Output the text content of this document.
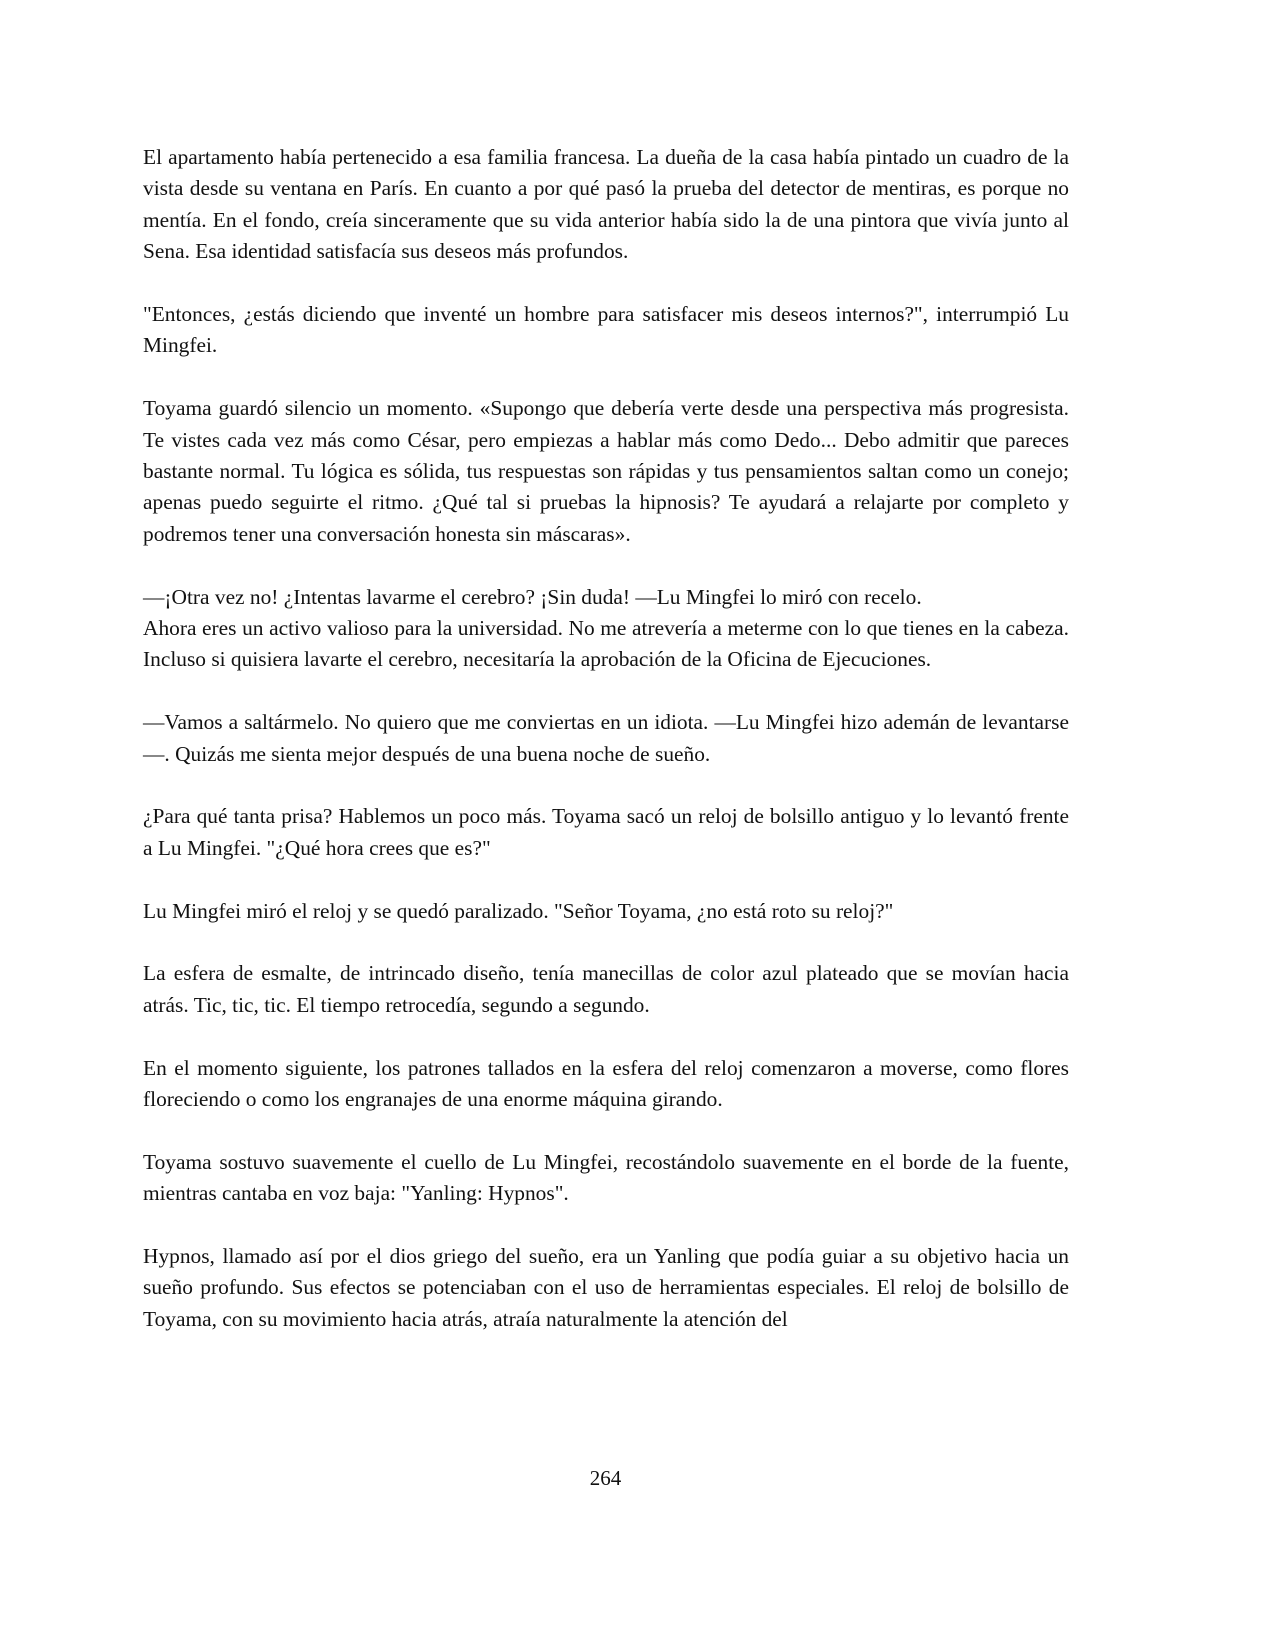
El apartamento había pertenecido a esa familia francesa. La dueña de la casa había pintado un cuadro de la vista desde su ventana en París. En cuanto a por qué pasó la prueba del detector de mentiras, es porque no mentía. En el fondo, creía sinceramente que su vida anterior había sido la de una pintora que vivía junto al Sena. Esa identidad satisfacía sus deseos más profundos.

"Entonces, ¿estás diciendo que inventé un hombre para satisfacer mis deseos internos?", interrumpió Lu Mingfei.

Toyama guardó silencio un momento. «Supongo que debería verte desde una perspectiva más progresista. Te vistes cada vez más como César, pero empiezas a hablar más como Dedo... Debo admitir que pareces bastante normal. Tu lógica es sólida, tus respuestas son rápidas y tus pensamientos saltan como un conejo; apenas puedo seguirte el ritmo. ¿Qué tal si pruebas la hipnosis? Te ayudará a relajarte por completo y podremos tener una conversación honesta sin máscaras».

—¡Otra vez no! ¿Intentas lavarme el cerebro? ¡Sin duda! —Lu Mingfei lo miró con recelo.
Ahora eres un activo valioso para la universidad. No me atrevería a meterme con lo que tienes en la cabeza. Incluso si quisiera lavarte el cerebro, necesitaría la aprobación de la Oficina de Ejecuciones.

—Vamos a saltármelo. No quiero que me conviertas en un idiota. —Lu Mingfei hizo ademán de levantarse—. Quizás me sienta mejor después de una buena noche de sueño.

¿Para qué tanta prisa? Hablemos un poco más. Toyama sacó un reloj de bolsillo antiguo y lo levantó frente a Lu Mingfei. "¿Qué hora crees que es?"

Lu Mingfei miró el reloj y se quedó paralizado. "Señor Toyama, ¿no está roto su reloj?"

La esfera de esmalte, de intrincado diseño, tenía manecillas de color azul plateado que se movían hacia atrás. Tic, tic, tic. El tiempo retrocedía, segundo a segundo.

En el momento siguiente, los patrones tallados en la esfera del reloj comenzaron a moverse, como flores floreciendo o como los engranajes de una enorme máquina girando.

Toyama sostuvo suavemente el cuello de Lu Mingfei, recostándolo suavemente en el borde de la fuente, mientras cantaba en voz baja: "Yanling: Hypnos".

Hypnos, llamado así por el dios griego del sueño, era un Yanling que podía guiar a su objetivo hacia un sueño profundo. Sus efectos se potenciaban con el uso de herramientas especiales. El reloj de bolsillo de Toyama, con su movimiento hacia atrás, atraía naturalmente la atención del

264
